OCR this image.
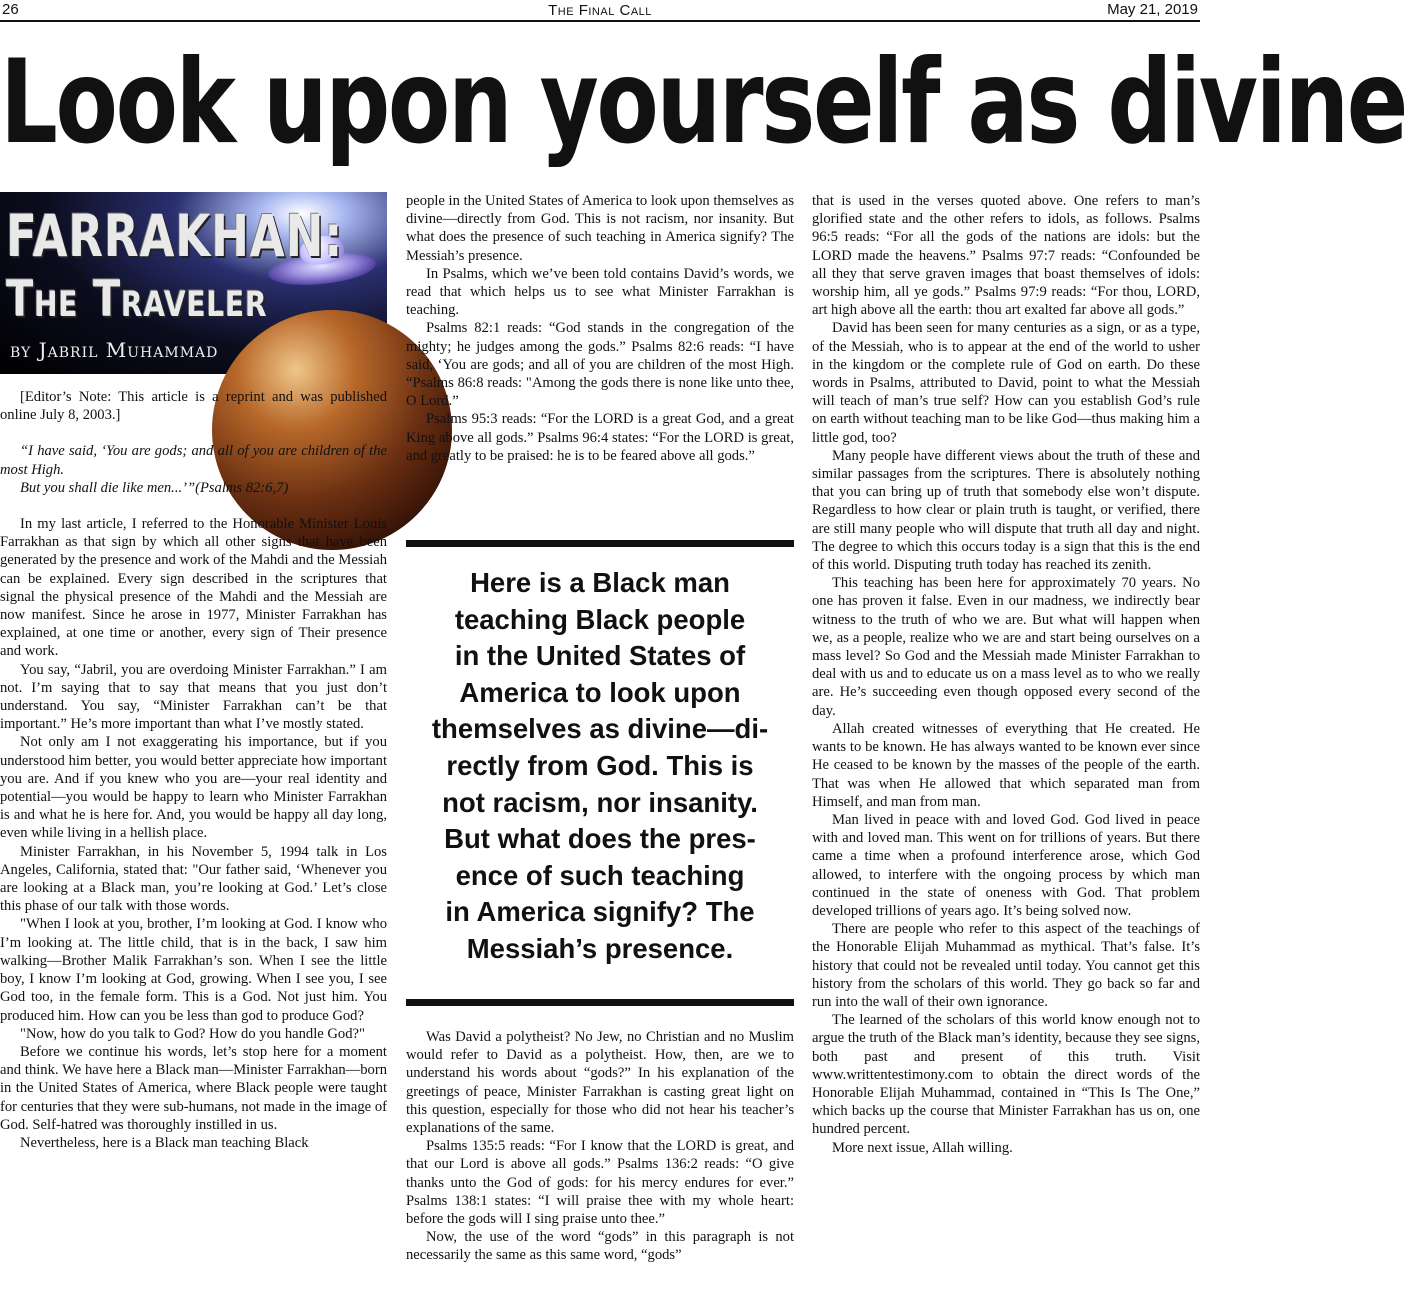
26	The Final Call	May 21, 2019
Look upon yourself as divine
FARRAKHAN:
The Traveler
by Jabril Muhammad

[Editor’s Note: This article is a reprint and was published online July 8, 2003.]

“I have said, ‘You are gods; and all of you are children of the most High.
But you shall die like men...’”(Psalms 82:6,7)

In my last article, I referred to the Honorable Minister Louis Farrakhan as that sign by which all other signs that have been generated by the presence and work of the Mahdi and the Messiah can be explained. Every sign described in the scriptures that signal the physical presence of the Mahdi and the Messiah are now manifest. Since he arose in 1977, Minister Farrakhan has explained, at one time or another, every sign of Their presence and work.

You say, “Jabril, you are overdoing Minister Farrakhan.” I am not. I’m saying that to say that means that you just don’t understand. You say, “Minister Farrakhan can’t be that important.” He’s more important than what I’ve mostly stated.

Not only am I not exaggerating his importance, but if you understood him better, you would better appreciate how important you are. And if you knew who you are—your real identity and potential—you would be happy to learn who Minister Farrakhan is and what he is here for. And, you would be happy all day long, even while living in a hellish place.

Minister Farrakhan, in his November 5, 1994 talk in Los Angeles, California, stated that: "Our father said, ‘Whenever you are looking at a Black man, you’re looking at God.’ Let’s close this phase of our talk with those words.

"When I look at you, brother, I’m looking at God. I know who I’m looking at. The little child, that is in the back, I saw him walking—Brother Malik Farrakhan’s son. When I see the little boy, I know I’m looking at God, growing. When I see you, I see God too, in the female form. This is a God. Not just him. You produced him. How can you be less than god to produce God?

"Now, how do you talk to God? How do you handle God?"

Before we continue his words, let’s stop here for a moment and think. We have here a Black man—Minister Farrakhan—born in the United States of America, where Black people were taught for centuries that they were sub-humans, not made in the image of God. Self-hatred was thoroughly instilled in us.

Nevertheless, here is a Black man teaching Black

people in the United States of America to look upon themselves as divine—directly from God. This is not racism, nor insanity. But what does the presence of such teaching in America signify? The Messiah’s presence.

In Psalms, which we’ve been told contains David’s words, we read that which helps us to see what Minister Farrakhan is teaching.

Psalms 82:1 reads: “God stands in the congregation of the mighty; he judges among the gods.” Psalms 82:6 reads: “I have said, ‘You are gods; and all of you are children of the most High. “Psalms 86:8 reads: "Among the gods there is none like unto thee, O Lord.”

Psalms 95:3 reads: “For the LORD is a great God, and a great King above all gods.” Psalms 96:4 states: “For the LORD is great, and greatly to be praised: he is to be feared above all gods.”

Here is a Black man
teaching Black people
in the United States of
America to look upon
themselves as divine—di-
rectly from God. This is
not racism, nor insanity.
But what does the pres-
ence of such teaching
in America signify? The
Messiah’s presence.

Was David a polytheist? No Jew, no Christian and no Muslim would refer to David as a polytheist. How, then, are we to understand his words about “gods?” In his explanation of the greetings of peace, Minister Farrakhan is casting great light on this question, especially for those who did not hear his teacher’s explanations of the same.

Psalms 135:5 reads: “For I know that the LORD is great, and that our Lord is above all gods.” Psalms 136:2 reads: “O give thanks unto the God of gods: for his mercy endures for ever.” Psalms 138:1 states: “I will praise thee with my whole heart: before the gods will I sing praise unto thee.”

Now, the use of the word “gods” in this paragraph is not necessarily the same as this same word, “gods”

that is used in the verses quoted above. One refers to man’s glorified state and the other refers to idols, as follows. Psalms 96:5 reads: “For all the gods of the nations are idols: but the LORD made the heavens.” Psalms 97:7 reads: “Confounded be all they that serve graven images that boast themselves of idols: worship him, all ye gods.” Psalms 97:9 reads: “For thou, LORD, art high above all the earth: thou art exalted far above all gods.”

David has been seen for many centuries as a sign, or as a type, of the Messiah, who is to appear at the end of the world to usher in the kingdom or the complete rule of God on earth. Do these words in Psalms, attributed to David, point to what the Messiah will teach of man’s true self? How can you establish God’s rule on earth without teaching man to be like God—thus making him a little god, too?

Many people have different views about the truth of these and similar passages from the scriptures. There is absolutely nothing that you can bring up of truth that somebody else won’t dispute. Regardless to how clear or plain truth is taught, or verified, there are still many people who will dispute that truth all day and night. The degree to which this occurs today is a sign that this is the end of this world. Disputing truth today has reached its zenith.

This teaching has been here for approximately 70 years. No one has proven it false. Even in our madness, we indirectly bear witness to the truth of who we are. But what will happen when we, as a people, realize who we are and start being ourselves on a mass level? So God and the Messiah made Minister Farrakhan to deal with us and to educate us on a mass level as to who we really are. He’s succeeding even though opposed every second of the day.

Allah created witnesses of everything that He created. He wants to be known. He has always wanted to be known ever since He ceased to be known by the masses of the people of the earth. That was when He allowed that which separated man from Himself, and man from man.

Man lived in peace with and loved God. God lived in peace with and loved man. This went on for trillions of years. But there came a time when a profound interference arose, which God allowed, to interfere with the ongoing process by which man continued in the state of oneness with God. That problem developed trillions of years ago. It’s being solved now.

There are people who refer to this aspect of the teachings of the Honorable Elijah Muhammad as mythical. That’s false. It’s history that could not be revealed until today. You cannot get this history from the scholars of this world. They go back so far and run into the wall of their own ignorance.

The learned of the scholars of this world know enough not to argue the truth of the Black man’s identity, because they see signs, both past and present of this truth. Visit www.writtentestimony.com to obtain the direct words of the Honorable Elijah Muhammad, contained in “This Is The One,” which backs up the course that Minister Farrakhan has us on, one hundred percent.

More next issue, Allah willing.
